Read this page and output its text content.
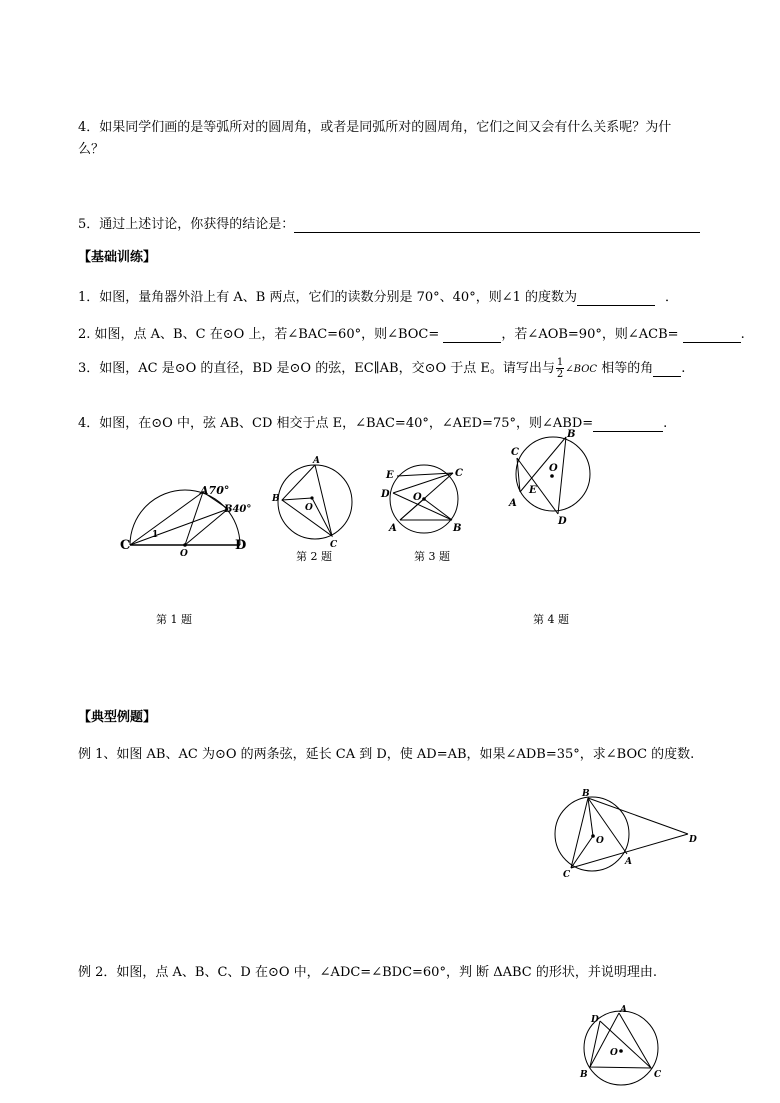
4．如果同学们画的是等弧所对的圆周角，或者是同弧所对的圆周角，它们之间又会有什么关系呢？为什
么？
5．通过上述讨论，你获得的结论是：
【基础训练】
1．如图，量角器外沿上有 A、B 两点，它们的读数分别是 70°、40°，则∠1 的度数为	．
2. 如图，点 A、B、C 在⊙O 上，若∠BAC=60°，则∠BOC=	，若∠AOB=90°，则∠ACB=	.
3．如图，AC 是⊙O 的直径，BD 是⊙O 的弦，EC∥AB，交⊙O 于点 E。请写出与 $\frac{1}{2}$ ∠BOC 相等的角 .
4．如图，在⊙O 中，弦 AB、CD 相交于点 E，∠BAC=40°，∠AED=75°，则∠ABD=	.
A70°
B40°
C	D
O
1
A
B
C
O
第 2 题
E	C
D O
A	B
第 3 题
C
B
O
E
A
D
第 1 题	第 4 题
【典型例题】
例 1、如图 AB、AC 为⊙O 的两条弦，延长 CA 到 D，使 AD=AB，如果∠ADB=35°，求∠BOC 的度数.
B
O	D
A
C
例 2．如图，点 A、B、C、D 在⊙O 中，∠ADC=∠BDC=60°，判 断 ΔABC 的形状，并说明理由.
D
A
O
B	C
